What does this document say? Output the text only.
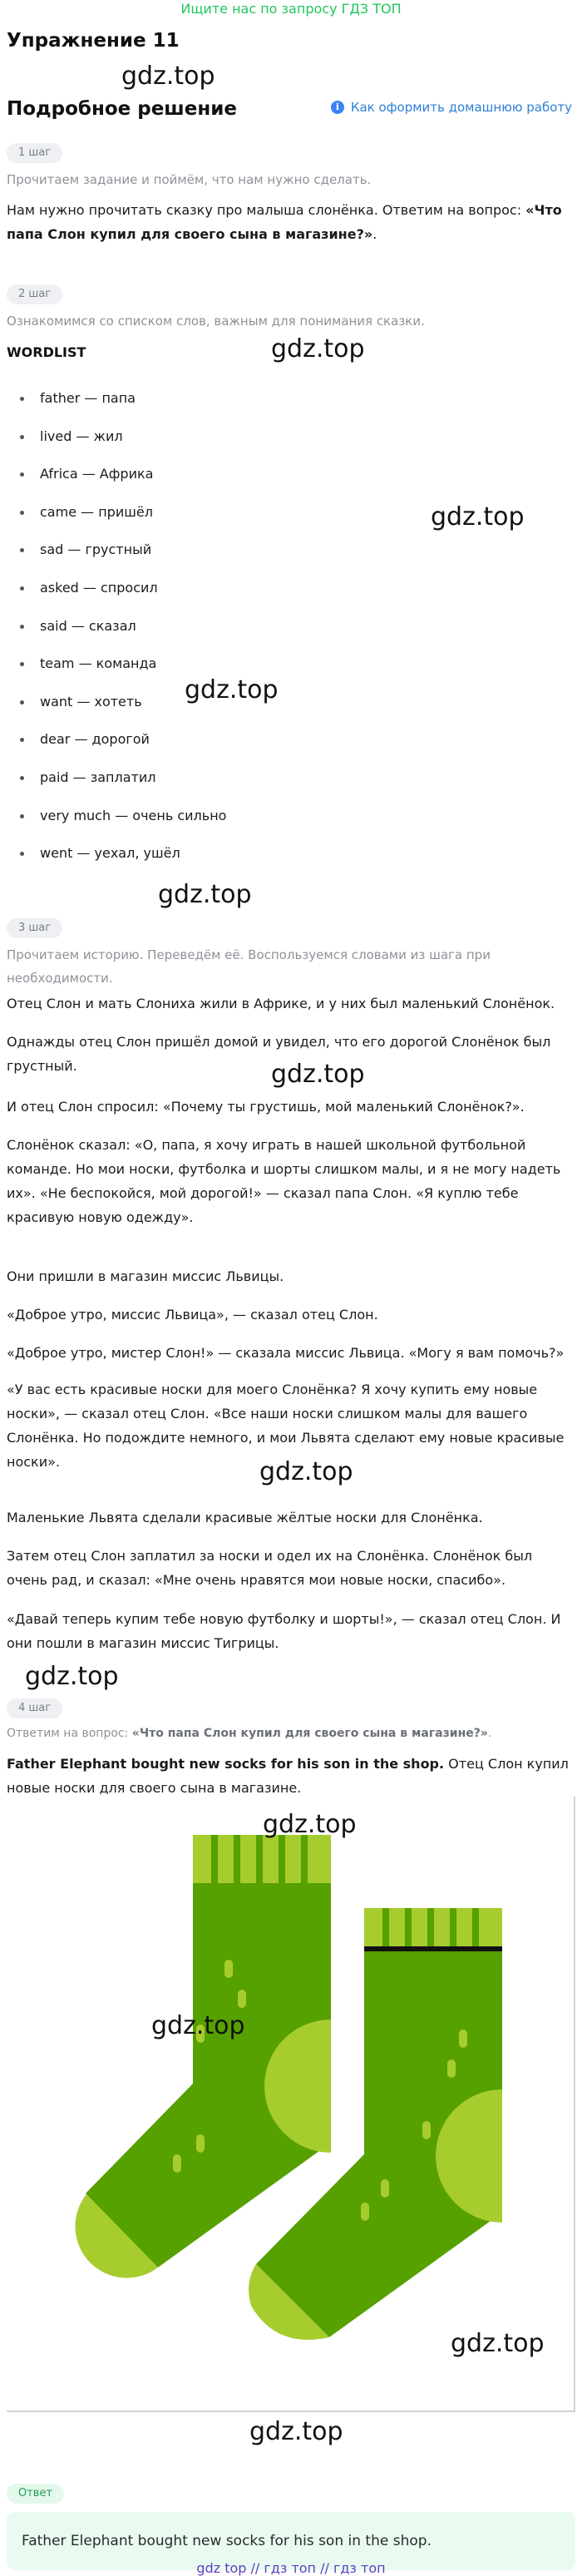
Ищите нас по запросу ГДЗ ТОП
Упражнение 11
gdz.top
Подробное решение	i Как оформить домашнюю работу
1 шаг
Прочитаем задание и поймём, что нам нужно сделать.
Нам нужно прочитать сказку про малыша слонёнка. Ответим на вопрос: «Что папа Слон купил для своего сына в магазине?».
2 шаг
Ознакомимся со списком слов, важным для понимания сказки.
WORDLIST	gdz.top
father — папа
lived — жил
Africa — Африка
came — пришёл
sad — грустный
asked — спросил
said — сказал
team — команда
want — хотеть
dear — дорогой
paid — заплатил
very much — очень сильно
went — уехал, ушёл
gdz.top
gdz.top
gdz.top
3 шаг
Прочитаем историю. Переведём её. Воспользуемся словами из шага при необходимости.
Отец Слон и мать Слониха жили в Африке, и у них был маленький Слонёнок.
Однажды отец Слон пришёл домой и увидел, что его дорогой Слонёнок был грустный.
И отец Слон спросил: «Почему ты грустишь, мой маленький Слонёнок?».
gdz.top
Слонёнок сказал: «О, папа, я хочу играть в нашей школьной футбольной команде. Но мои носки, футболка и шорты слишком малы, и я не могу надеть их». «Не беспокойся, мой дорогой!» — сказал папа Слон. «Я куплю тебе красивую новую одежду».
Они пришли в магазин миссис Львицы.
«Доброе утро, миссис Львица», — сказал отец Слон.
«Доброе утро, мистер Слон!» — сказала миссис Львица. «Могу я вам помочь?»
«У вас есть красивые носки для моего Слонёнка? Я хочу купить ему новые носки», — сказал отец Слон. «Все наши носки слишком малы для вашего Слонёнка. Но подождите немного, и мои Львята сделают ему новые красивые носки».	gdz.top
Маленькие Львята сделали красивые жёлтые носки для Слонёнка.
Затем отец Слон заплатил за носки и одел их на Слонёнка. Слонёнок был очень рад, и сказал: «Мне очень нравятся мои новые носки, спасибо».
«Давай теперь купим тебе новую футболку и шорты!», — сказал отец Слон. И они пошли в магазин миссис Тигрицы.
gdz.top
4 шаг
Ответим на вопрос: «Что папа Слон купил для своего сына в магазине?».
Father Elephant bought new socks for his son in the shop. Отец Слон купил новые носки для своего сына в магазине.
gdz.top
gdz.top
gdz.top
gdz.top
Ответ
Father Elephant bought new socks for his son in the shop.
gdz top // гдз топ // гдз топ
